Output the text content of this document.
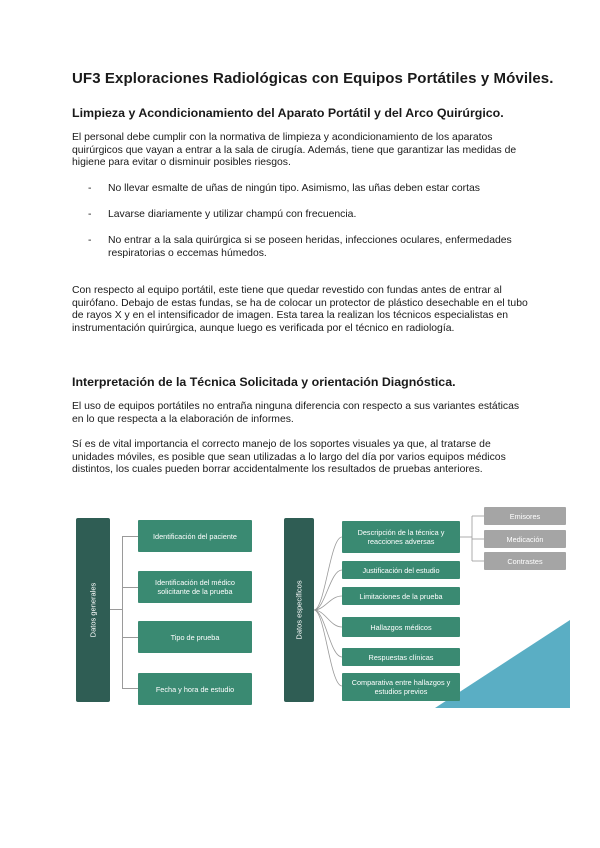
UF3 Exploraciones Radiológicas con Equipos Portátiles y Móviles.
Limpieza y Acondicionamiento del Aparato Portátil y del Arco Quirúrgico.

El personal debe cumplir con la normativa de limpieza y acondicionamiento de los aparatos quirúrgicos que vayan a entrar a la sala de cirugía. Además, tiene que garantizar las medidas de higiene para evitar o disminuir posibles riesgos.

- No llevar esmalte de uñas de ningún tipo. Asimismo, las uñas deben estar cortas
- Lavarse diariamente y utilizar champú con frecuencia.
- No entrar a la sala quirúrgica si se poseen heridas, infecciones oculares, enfermedades respiratorias o eccemas húmedos.

Con respecto al equipo portátil, este tiene que quedar revestido con fundas antes de entrar al quirófano. Debajo de estas fundas, se ha de colocar un protector de plástico desechable en el tubo de rayos X y en el intensificador de imagen. Esta tarea la realizan los técnicos especialistas en instrumentación quirúrgica, aunque luego es verificada por el técnico en radiología.

Interpretación de la Técnica Solicitada y orientación Diagnóstica.

El uso de equipos portátiles no entraña ninguna diferencia con respecto a sus variantes estáticas en lo que respecta a la elaboración de informes.

Sí es de vital importancia el correcto manejo de los soportes visuales ya que, al tratarse de unidades móviles, es posible que sean utilizadas a lo largo del día por varios equipos médicos distintos, los cuales pueden borrar accidentalmente los resultados de pruebas anteriores.

Datos generales
Identificación del paciente
Identificación del médico solicitante de la prueba
Tipo de prueba
Fecha y hora de estudio
Datos específicos
Descripción de la técnica y reacciones adversas
Justificación del estudio
Limitaciones de la prueba
Hallazgos médicos
Respuestas clínicas
Comparativa entre hallazgos y estudios previos
Emisores
Medicación
Contrastes
